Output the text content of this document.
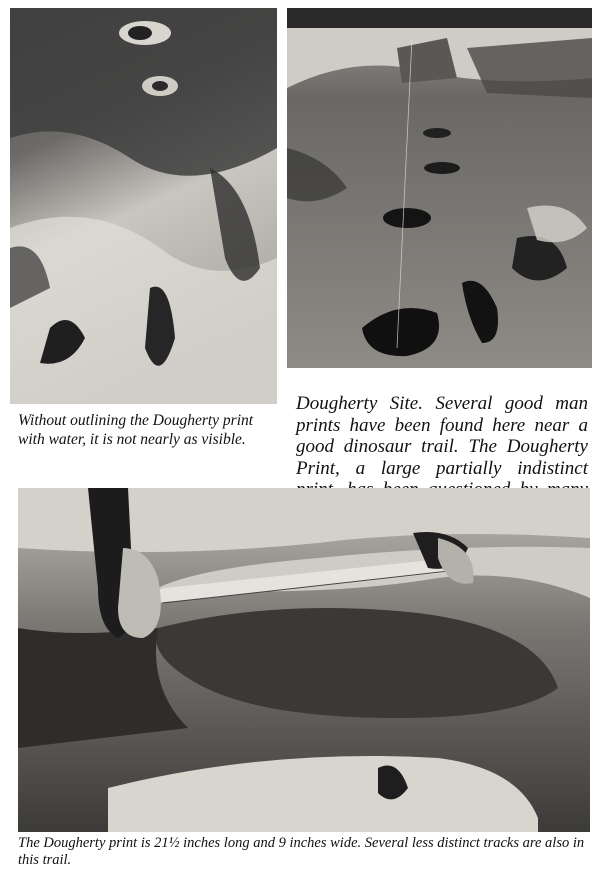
Without outlining the Dougherty print with water, it is not nearly as visible.

Dougherty Site. Several good man prints have been found here near a good dinosaur trail. The Dougherty Print, a large partially indistinct

The Dougherty print is 21½ inches long and 9 inches wide. Several less distinct tracks are also in this trail.
